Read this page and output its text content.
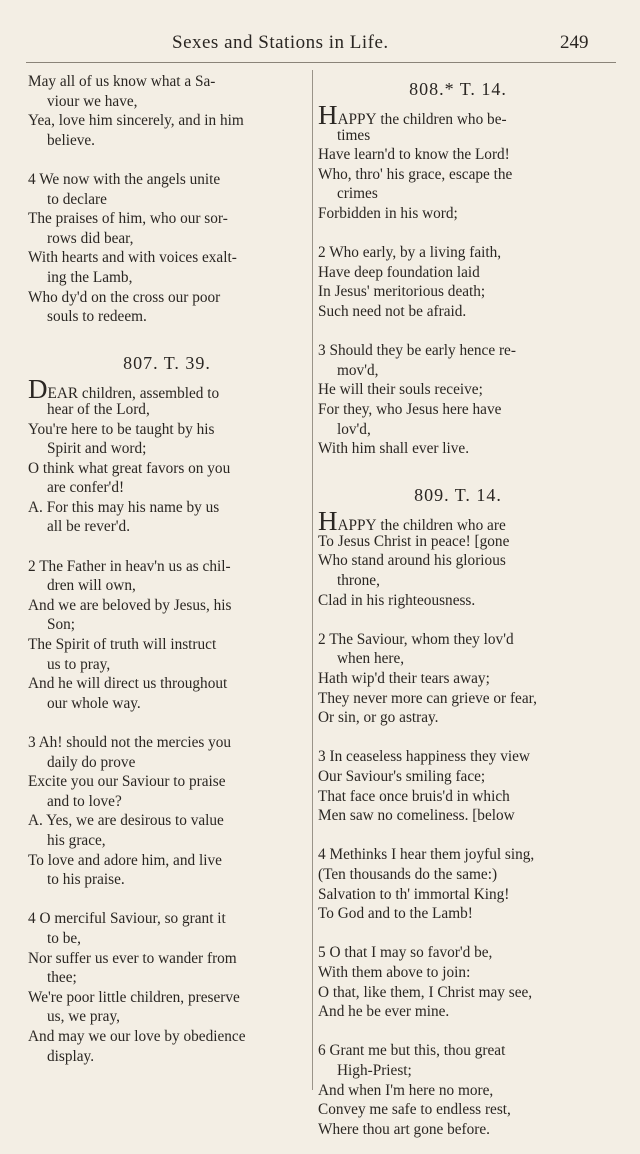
Sexes and Stations in Life.	249
May all of us know what a Sa-
viour we have,
Yea, love him sincerely, and in him
believe.
4 We now with the angels unite
to declare
The praises of him, who our sor-
rows did bear,
With hearts and with voices exalt-
ing the Lamb,
Who dy'd on the cross our poor
souls to redeem.
807. T. 39.
DEAR children, assembled to
hear of the Lord,
You're here to be taught by his
Spirit and word;
O think what great favors on you
are confer'd!
A. For this may his name by us
all be rever'd.
2 The Father in heav'n us as chil-
dren will own,
And we are beloved by Jesus, his
Son;
The Spirit of truth will instruct
us to pray,
And he will direct us throughout
our whole way.
3 Ah! should not the mercies you
daily do prove
Excite you our Saviour to praise
and to love?
A. Yes, we are desirous to value
his grace,
To love and adore him, and live
to his praise.
4 O merciful Saviour, so grant it
to be,
Nor suffer us ever to wander from
thee;
We're poor little children, preserve
us, we pray,
And may we our love by obedience
display.
808.* T. 14.
HAPPY the children who be-
times
Have learn'd to know the Lord!
Who, thro' his grace, escape the
crimes
Forbidden in his word;
2 Who early, by a living faith,
Have deep foundation laid
In Jesus' meritorious death;
Such need not be afraid.
3 Should they be early hence re-
mov'd,
He will their souls receive;
For they, who Jesus here have
lov'd,
With him shall ever live.
809. T. 14.
HAPPY the children who are
To Jesus Christ in peace! [gone
Who stand around his glorious
throne,
Clad in his righteousness.
2 The Saviour, whom they lov'd
when here,
Hath wip'd their tears away;
They never more can grieve or fear,
Or sin, or go astray.
3 In ceaseless happiness they view
Our Saviour's smiling face;
That face once bruis'd in which
Men saw no comeliness. [below
4 Methinks I hear them joyful sing,
(Ten thousands do the same:)
Salvation to th' immortal King!
To God and to the Lamb!
5 O that I may so favor'd be,
With them above to join:
O that, like them, I Christ may see,
And he be ever mine.
6 Grant me but this, thou great
High-Priest;
And when I'm here no more,
Convey me safe to endless rest,
Where thou art gone before.
